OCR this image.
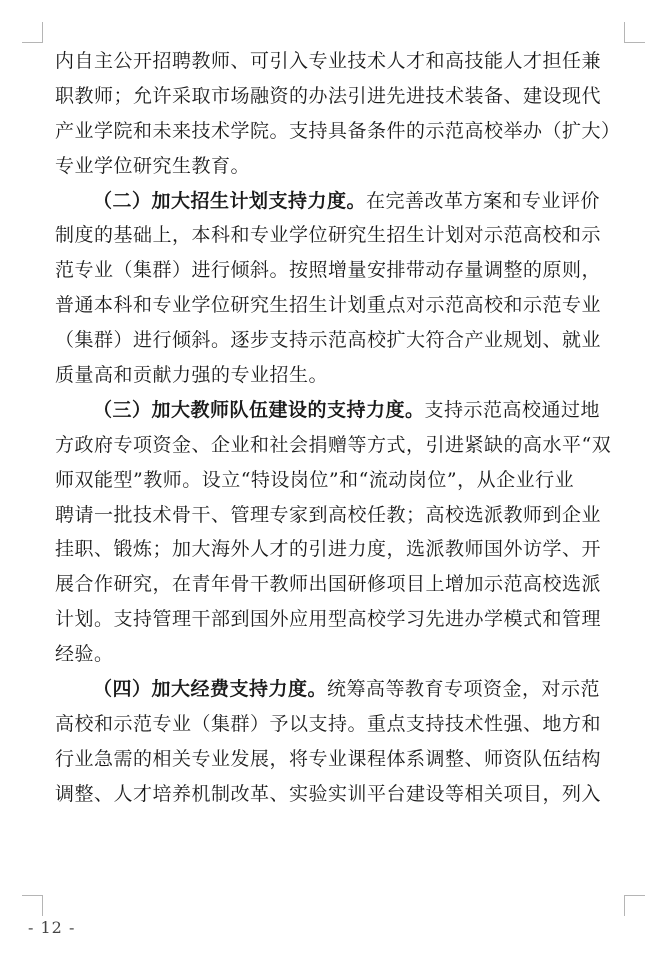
内自主公开招聘教师、可引入专业技术人才和高技能人才担任兼
职教师；允许采取市场融资的办法引进先进技术装备、建设现代
产业学院和未来技术学院。支持具备条件的示范高校举办（扩大）
专业学位研究生教育。
（二）加大招生计划支持力度。在完善改革方案和专业评价
制度的基础上，本科和专业学位研究生招生计划对示范高校和示
范专业（集群）进行倾斜。按照增量安排带动存量调整的原则，
普通本科和专业学位研究生招生计划重点对示范高校和示范专业
（集群）进行倾斜。逐步支持示范高校扩大符合产业规划、就业
质量高和贡献力强的专业招生。
（三）加大教师队伍建设的支持力度。支持示范高校通过地
方政府专项资金、企业和社会捐赠等方式，引进紧缺的高水平“双
师双能型”教师。设立“特设岗位”和“流动岗位”，从企业行业
聘请一批技术骨干、管理专家到高校任教；高校选派教师到企业
挂职、锻炼；加大海外人才的引进力度，选派教师国外访学、开
展合作研究，在青年骨干教师出国研修项目上增加示范高校选派
计划。支持管理干部到国外应用型高校学习先进办学模式和管理
经验。
（四）加大经费支持力度。统筹高等教育专项资金，对示范
高校和示范专业（集群）予以支持。重点支持技术性强、地方和
行业急需的相关专业发展，将专业课程体系调整、师资队伍结构
调整、人才培养机制改革、实验实训平台建设等相关项目，列入
- 12 -
